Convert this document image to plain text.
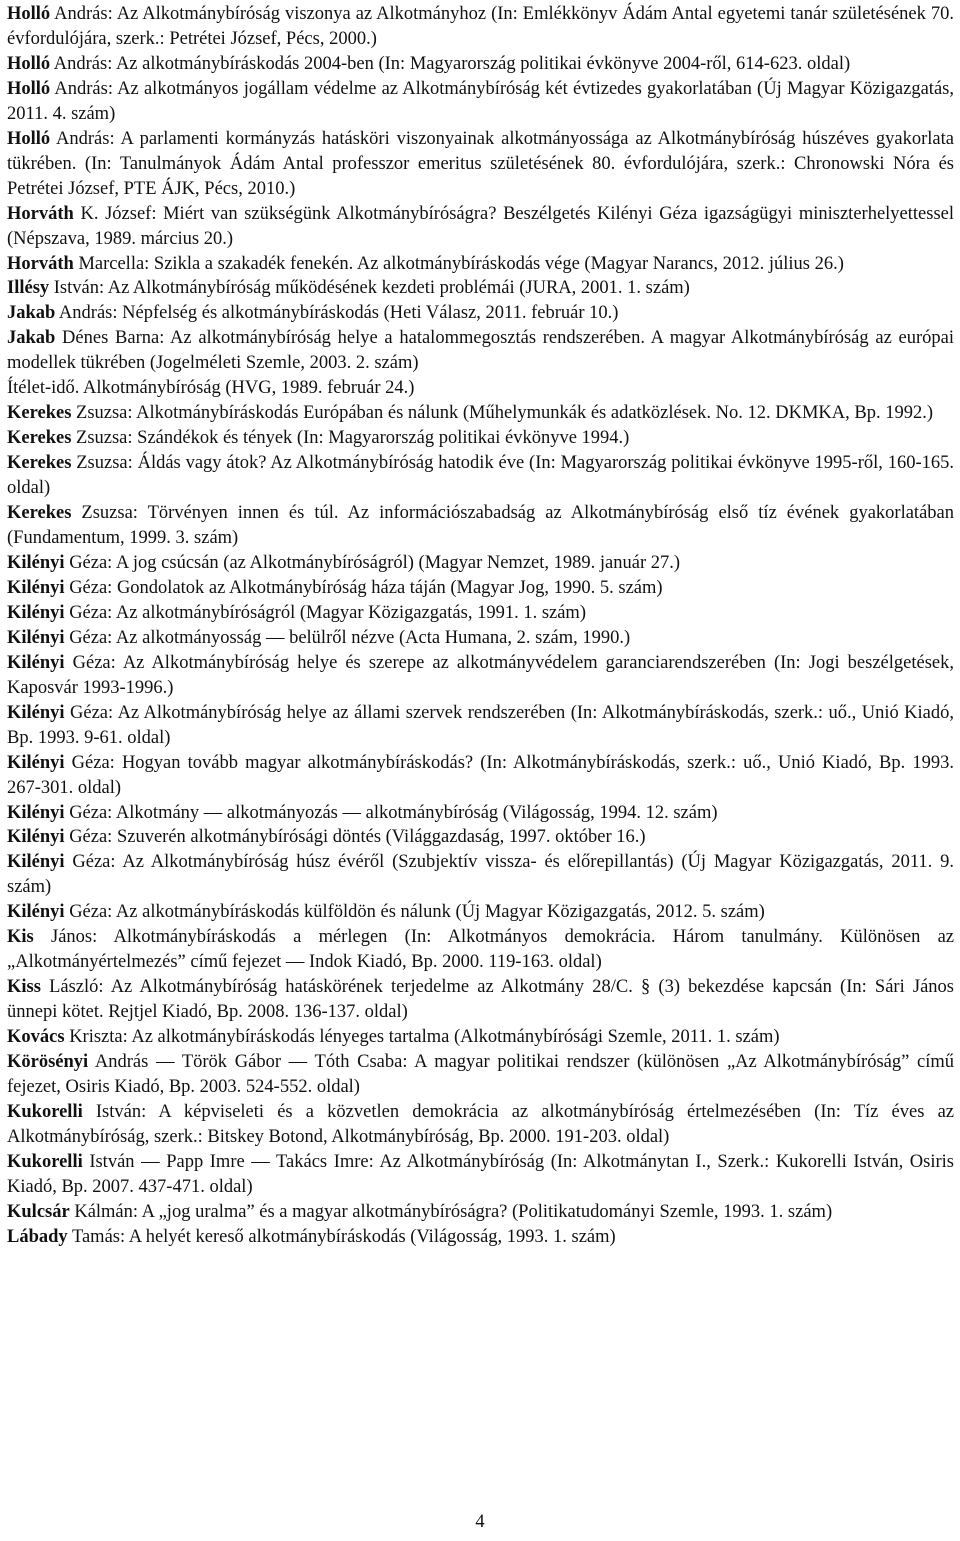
Holló András: Az Alkotmánybíróság viszonya az Alkotmányhoz (In: Emlékkönyv Ádám Antal egyetemi tanár születésének 70. évfordulójára, szerk.: Petrétei József, Pécs, 2000.)

Holló András: Az alkotmánybíráskodás 2004-ben (In: Magyarország politikai évkönyve 2004-ről, 614-623. oldal)

Holló András: Az alkotmányos jogállam védelme az Alkotmánybíróság két évtizedes gyakorlatában (Új Magyar Közigazgatás, 2011. 4. szám)

Holló András: A parlamenti kormányzás hatásköri viszonyainak alkotmányossága az Alkotmánybíróság húszéves gyakorlata tükrében. (In: Tanulmányok Ádám Antal professzor emeritus születésének 80. évfordulójára, szerk.: Chronowski Nóra és Petrétei József, PTE ÁJK, Pécs, 2010.)

Horváth K. József: Miért van szükségünk Alkotmánybíróságra? Beszélgetés Kilényi Géza igazságügyi miniszterhelyettessel (Népszava, 1989. március 20.)

Horváth Marcella: Szikla a szakadék fenekén. Az alkotmánybíráskodás vége (Magyar Narancs, 2012. július 26.)

Illésy István: Az Alkotmánybíróság működésének kezdeti problémái (JURA, 2001. 1. szám)

Jakab András: Népfelség és alkotmánybíráskodás (Heti Válasz, 2011. február 10.)

Jakab Dénes Barna: Az alkotmánybíróság helye a hatalommegosztás rendszerében. A magyar Alkotmánybíróság az európai modellek tükrében (Jogelméleti Szemle, 2003. 2. szám)

Ítélet-idő. Alkotmánybíróság (HVG, 1989. február 24.)

Kerekes Zsuzsa: Alkotmánybíráskodás Európában és nálunk (Műhelymunkák és adatközlések. No. 12. DKMKA, Bp. 1992.)

Kerekes Zsuzsa: Szándékok és tények (In: Magyarország politikai évkönyve 1994.)

Kerekes Zsuzsa: Áldás vagy átok? Az Alkotmánybíróság hatodik éve (In: Magyarország politikai évkönyve 1995-ről, 160-165. oldal)

Kerekes Zsuzsa: Törvényen innen és túl. Az információszabadság az Alkotmánybíróság első tíz évének gyakorlatában (Fundamentum, 1999. 3. szám)

Kilényi Géza: A jog csúcsán (az Alkotmánybíróságról) (Magyar Nemzet, 1989. január 27.)

Kilényi Géza: Gondolatok az Alkotmánybíróság háza táján (Magyar Jog, 1990. 5. szám)

Kilényi Géza: Az alkotmánybíróságról (Magyar Közigazgatás, 1991. 1. szám)

Kilényi Géza: Az alkotmányosság — belülről nézve (Acta Humana, 2. szám, 1990.)

Kilényi Géza: Az Alkotmánybíróság helye és szerepe az alkotmányvédelem garanciarendszerében (In: Jogi beszélgetések, Kaposvár 1993-1996.)

Kilényi Géza: Az Alkotmánybíróság helye az állami szervek rendszerében (In: Alkotmánybíráskodás, szerk.: uő., Unió Kiadó, Bp. 1993. 9-61. oldal)

Kilényi Géza: Hogyan tovább magyar alkotmánybíráskodás? (In: Alkotmánybíráskodás, szerk.: uő., Unió Kiadó, Bp. 1993. 267-301. oldal)

Kilényi Géza: Alkotmány — alkotmányozás — alkotmánybíróság (Világosság, 1994. 12. szám)

Kilényi Géza: Szuverén alkotmánybírósági döntés (Világgazdaság, 1997. október 16.)

Kilényi Géza: Az Alkotmánybíróság húsz évéről (Szubjektív vissza- és előrepillantás) (Új Magyar Közigazgatás, 2011. 9. szám)

Kilényi Géza: Az alkotmánybíráskodás külföldön és nálunk (Új Magyar Közigazgatás, 2012. 5. szám)

Kis János: Alkotmánybíráskodás a mérlegen (In: Alkotmányos demokrácia. Három tanulmány. Különösen az „Alkotmányértelmezés” című fejezet — Indok Kiadó, Bp. 2000. 119-163. oldal)

Kiss László: Az Alkotmánybíróság hatáskörének terjedelme az Alkotmány 28/C. § (3) bekezdése kapcsán (In: Sári János ünnepi kötet. Rejtjel Kiadó, Bp. 2008. 136-137. oldal)

Kovács Kriszta: Az alkotmánybíráskodás lényeges tartalma (Alkotmánybírósági Szemle, 2011. 1. szám)

Körösényi András — Török Gábor — Tóth Csaba: A magyar politikai rendszer (különösen „Az Alkotmánybíróság” című fejezet, Osiris Kiadó, Bp. 2003. 524-552. oldal)

Kukorelli István: A képviseleti és a közvetlen demokrácia az alkotmánybíróság értelmezésében (In: Tíz éves az Alkotmánybíróság, szerk.: Bitskey Botond, Alkotmánybíróság, Bp. 2000. 191-203. oldal)

Kukorelli István — Papp Imre — Takács Imre: Az Alkotmánybíróság (In: Alkotmánytan I., Szerk.: Kukorelli István, Osiris Kiadó, Bp. 2007. 437-471. oldal)

Kulcsár Kálmán: A „jog uralma” és a magyar alkotmánybíróságra? (Politikatudományi Szemle, 1993. 1. szám)

Lábady Tamás: A helyét kereső alkotmánybíráskodás (Világosság, 1993. 1. szám)

4
